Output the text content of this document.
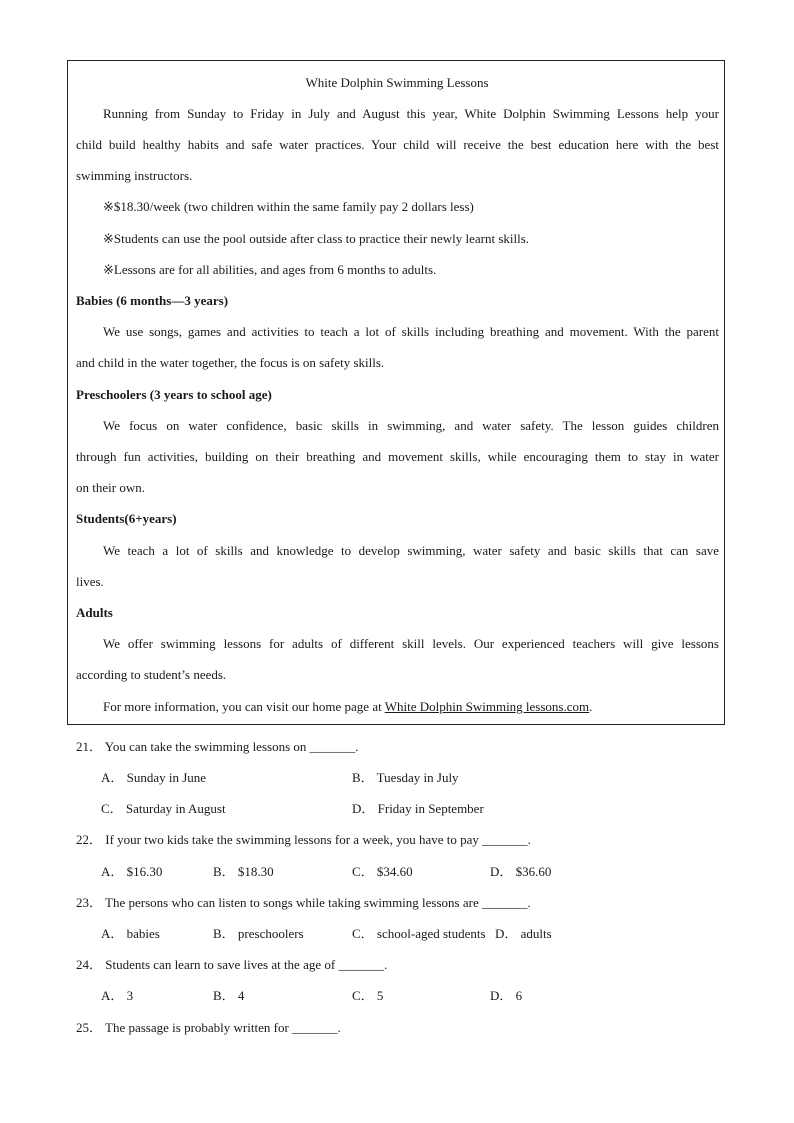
White Dolphin Swimming Lessons
Running from Sunday to Friday in July and August this year, White Dolphin Swimming Lessons help your
child build healthy habits and safe water practices. Your child will receive the best education here with the best
swimming instructors.
※$18.30/week (two children within the same family pay 2 dollars less)
※Students can use the pool outside after class to practice their newly learnt skills.
※Lessons are for all abilities, and ages from 6 months to adults.
Babies (6 months—3 years)
We use songs, games and activities to teach a lot of skills including breathing and movement. With the parent
and child in the water together, the focus is on safety skills.
Preschoolers (3 years to school age)
We focus on water confidence, basic skills in swimming, and water safety. The lesson guides children
through fun activities, building on their breathing and movement skills, while encouraging them to stay in water
on their own.
Students(6+years)
We teach a lot of skills and knowledge to develop swimming, water safety and basic skills that can save
lives.
Adults
We offer swimming lessons for adults of different skill levels. Our experienced teachers will give lessons
according to student’s needs.
For more information, you can visit our home page at White Dolphin Swimming lessons.com.
21． You can take the swimming lessons on _______.
A． Sunday in June	B． Tuesday in July
C． Saturday in August	D． Friday in September
22． If your two kids take the swimming lessons for a week, you have to pay _______.
A． $16.30	B． $18.30	C． $34.60	D． $36.60
23． The persons who can listen to songs while taking swimming lessons are _______.
A． babies	B． preschoolers	C． school-aged students D． adults
24． Students can learn to save lives at the age of _______.
A． 3	B． 4	C． 5	D． 6
25． The passage is probably written for _______.
